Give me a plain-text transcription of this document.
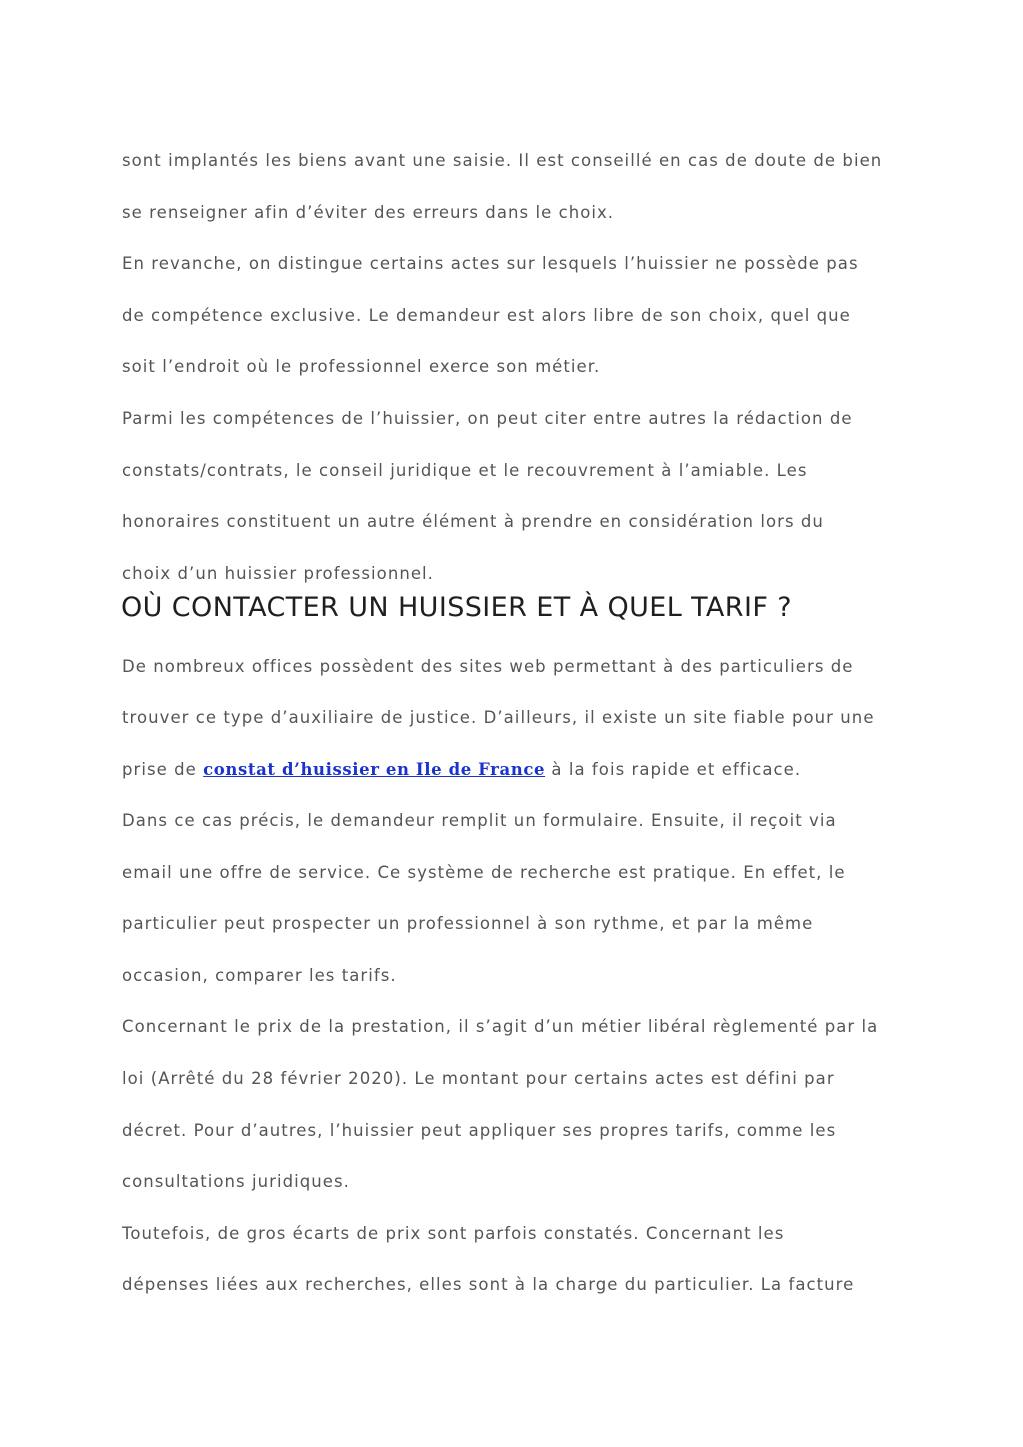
sont implantés les biens avant une saisie. Il est conseillé en cas de doute de bien

se renseigner afin d’éviter des erreurs dans le choix.

En revanche, on distingue certains actes sur lesquels l’huissier ne possède pas

de compétence exclusive. Le demandeur est alors libre de son choix, quel que

soit l’endroit où le professionnel exerce son métier.

Parmi les compétences de l’huissier, on peut citer entre autres la rédaction de

constats/contrats, le conseil juridique et le recouvrement à l’amiable. Les

honoraires constituent un autre élément à prendre en considération lors du

choix d’un huissier professionnel.

OÙ CONTACTER UN HUISSIER ET À QUEL TARIF ?

De nombreux offices possèdent des sites web permettant à des particuliers de

trouver ce type d’auxiliaire de justice. D’ailleurs, il existe un site fiable pour une

prise de constat d’huissier en Ile de France à la fois rapide et efficace.

Dans ce cas précis, le demandeur remplit un formulaire. Ensuite, il reçoit via

email une offre de service. Ce système de recherche est pratique. En effet, le

particulier peut prospecter un professionnel à son rythme, et par la même

occasion, comparer les tarifs.

Concernant le prix de la prestation, il s’agit d’un métier libéral règlementé par la

loi (Arrêté du 28 février 2020). Le montant pour certains actes est défini par

décret. Pour d’autres, l’huissier peut appliquer ses propres tarifs, comme les

consultations juridiques.

Toutefois, de gros écarts de prix sont parfois constatés. Concernant les

dépenses liées aux recherches, elles sont à la charge du particulier. La facture
